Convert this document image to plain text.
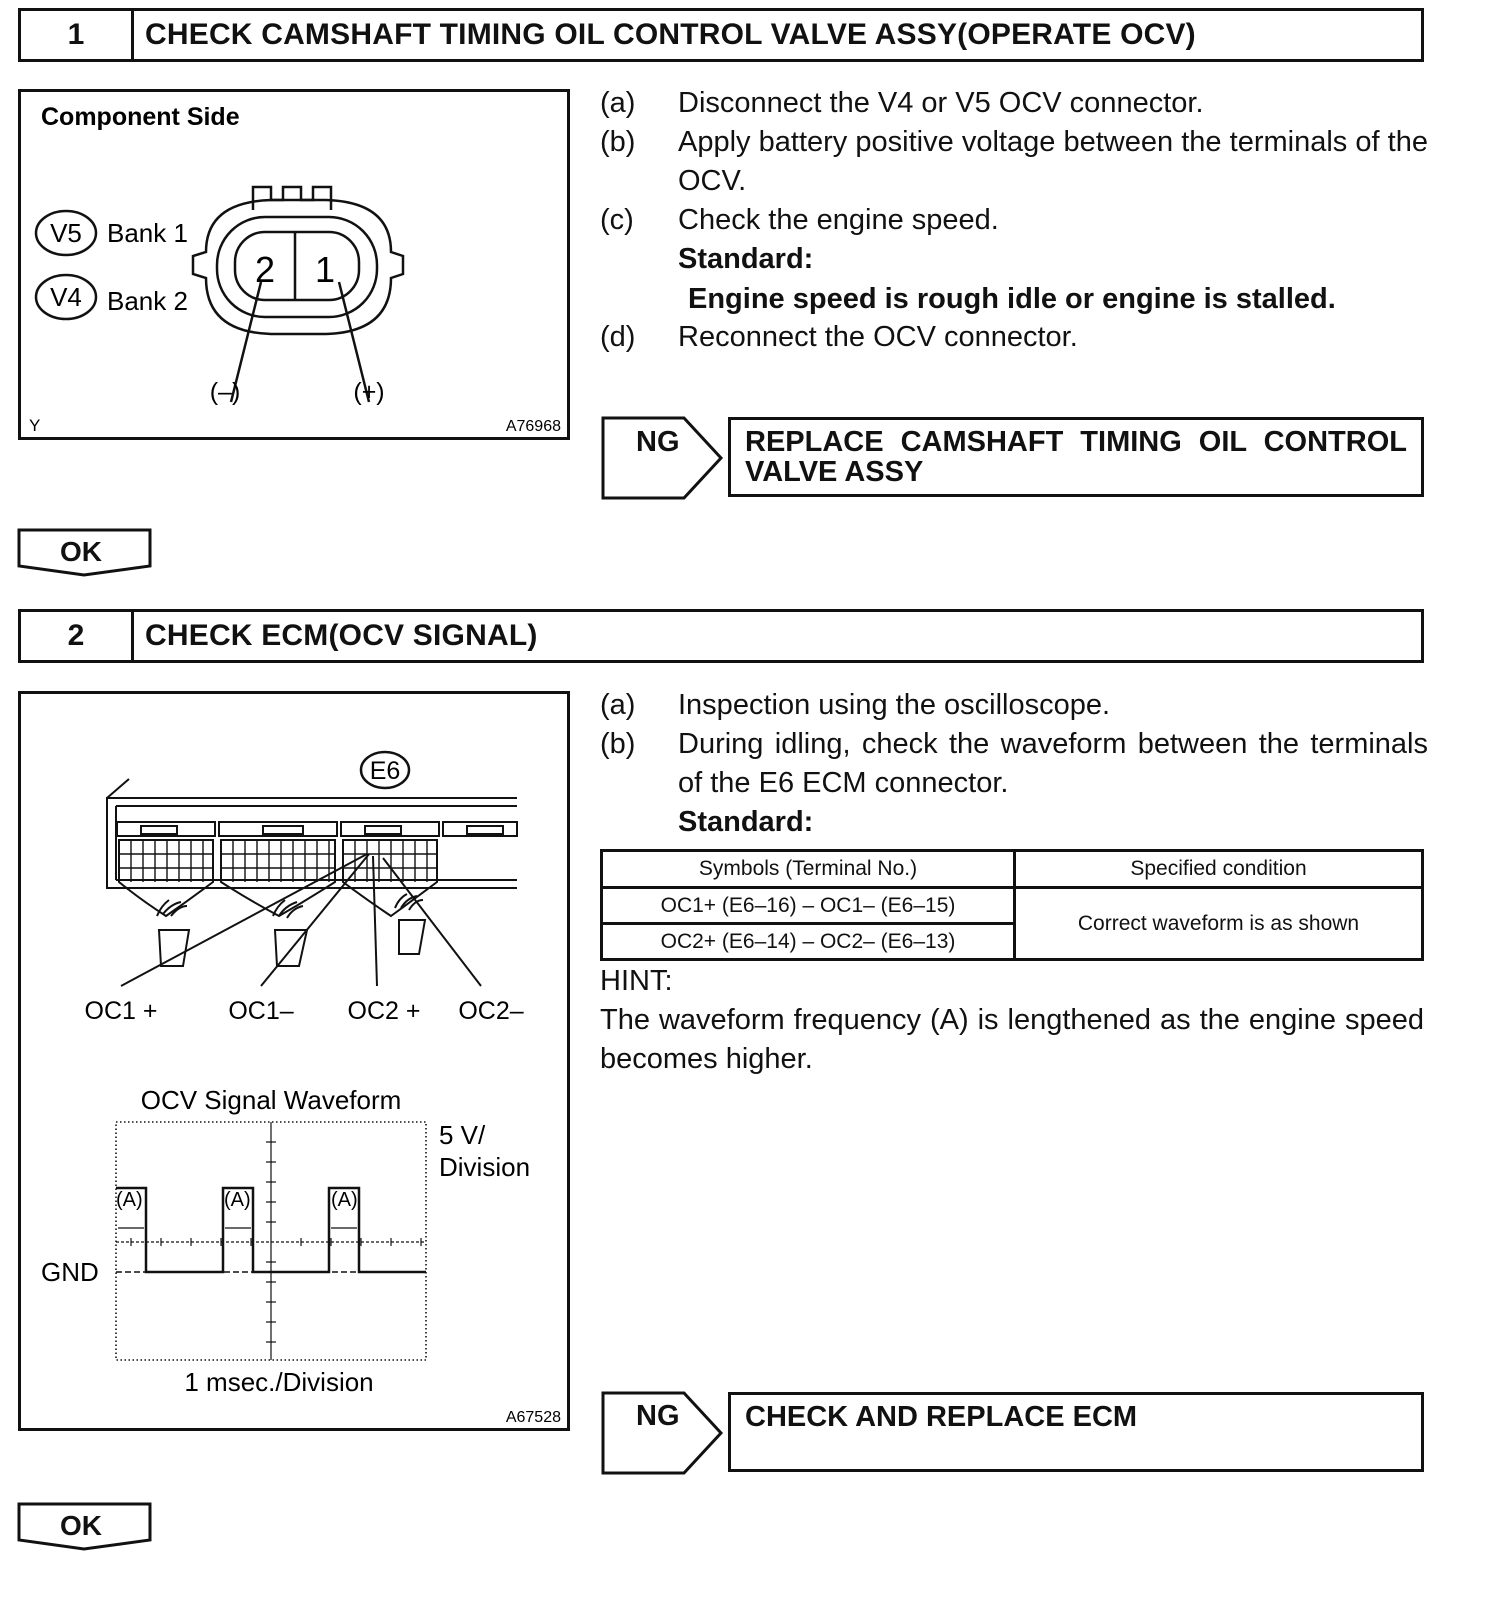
1	CHECK CAMSHAFT TIMING OIL CONTROL VALVE ASSY(OPERATE OCV)
Component Side
V5 Bank 1
V4 Bank 2
2 1
(–)	(+)
Y	A76968
(a) Disconnect the V4 or V5 OCV connector.
(b) Apply battery positive voltage between the terminals of the OCV.
(c) Check the engine speed.
Standard:
Engine speed is rough idle or engine is stalled.
(d) Reconnect the OCV connector.
NG	REPLACE CAMSHAFT TIMING OIL CONTROL VALVE ASSY
OK
2	CHECK ECM(OCV SIGNAL)
E6
OC1 +	OC1– OC2 + OC2–
OCV Signal Waveform
5 V/
Division
GND
(A)	(A)	(A)
1 msec./Division
A67528
(a) Inspection using the oscilloscope.
(b) During idling, check the waveform between the terminals of the E6 ECM connector.
Standard:
Symbols (Terminal No.)	Specified condition
OC1+ (E6–16) – OC1– (E6–15)	Correct waveform is as shown
OC2+ (E6–14) – OC2– (E6–13)	
HINT:
The waveform frequency (A) is lengthened as the engine speed becomes higher.
NG	CHECK AND REPLACE ECM
OK
